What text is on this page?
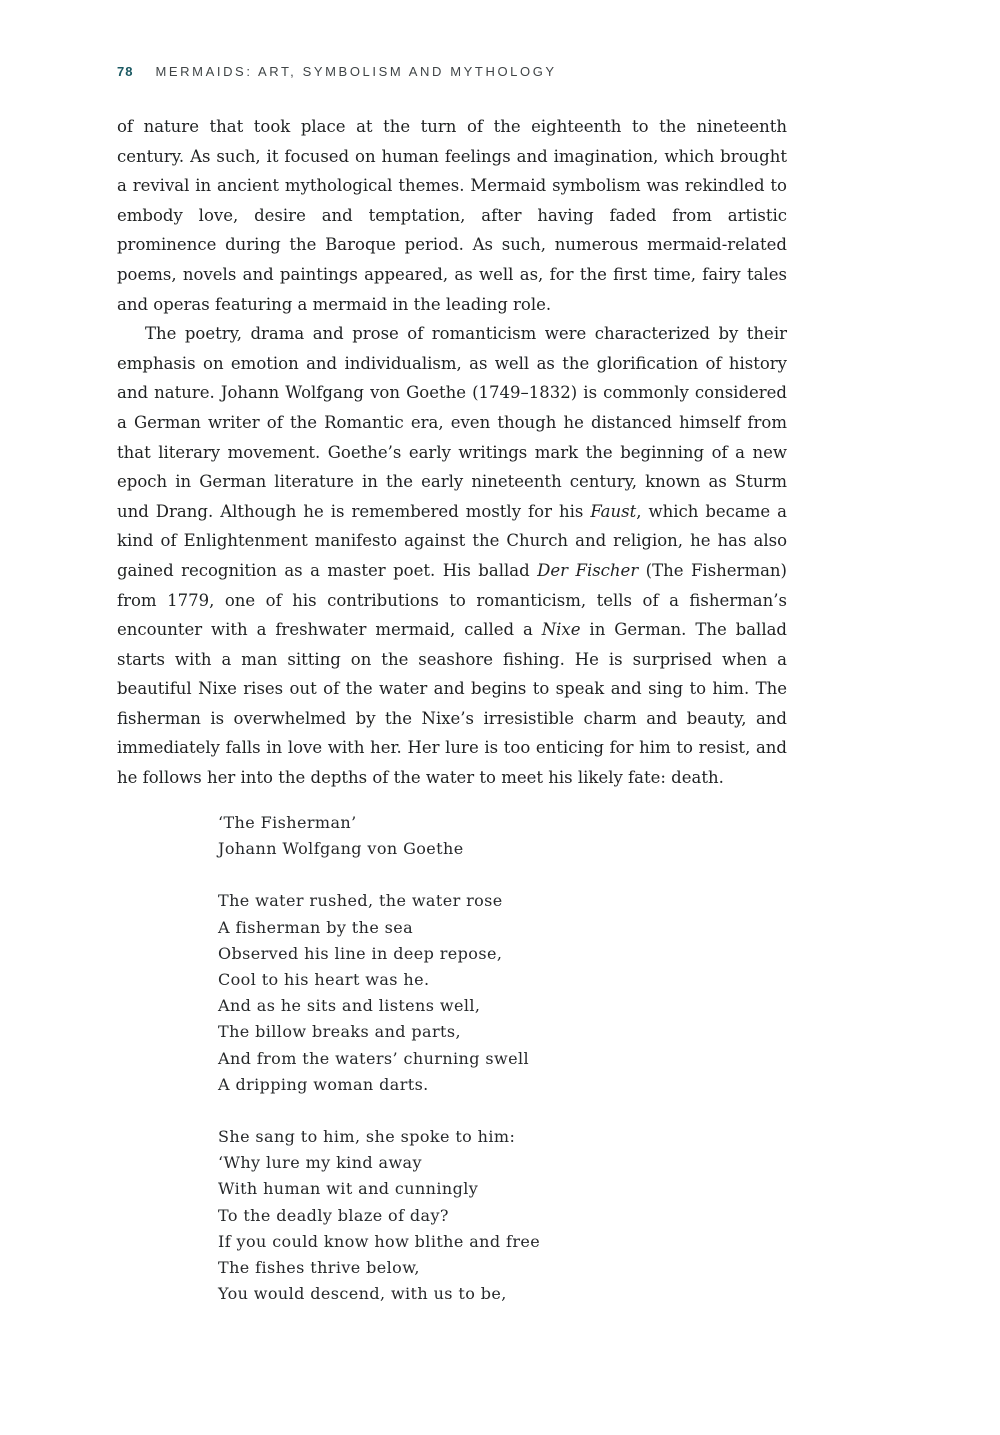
78 MERMAIDS: ART, SYMBOLISM AND MYTHOLOGY

of nature that took place at the turn of the eighteenth to the nineteenth century. As such, it focused on human feelings and imagination, which brought a revival in ancient mythological themes. Mermaid symbolism was rekindled to embody love, desire and temptation, after having faded from artistic prominence during the Baroque period. As such, numerous mermaid-related poems, novels and paintings appeared, as well as, for the first time, fairy tales and operas featuring a mermaid in the leading role.

The poetry, drama and prose of romanticism were characterized by their emphasis on emotion and individualism, as well as the glorification of history and nature. Johann Wolfgang von Goethe (1749–1832) is commonly considered a German writer of the Romantic era, even though he distanced himself from that literary movement. Goethe’s early writings mark the beginning of a new epoch in German literature in the early nineteenth century, known as Sturm und Drang. Although he is remembered mostly for his Faust, which became a kind of Enlightenment manifesto against the Church and religion, he has also gained recognition as a master poet. His ballad Der Fischer (The Fisherman) from 1779, one of his contributions to romanticism, tells of a fisherman’s encounter with a freshwater mermaid, called a Nixe in German. The ballad starts with a man sitting on the seashore fishing. He is surprised when a beautiful Nixe rises out of the water and begins to speak and sing to him. The fisherman is overwhelmed by the Nixe’s irresistible charm and beauty, and immediately falls in love with her. Her lure is too enticing for him to resist, and he follows her into the depths of the water to meet his likely fate: death.

‘The Fisherman’
Johann Wolfgang von Goethe
The water rushed, the water rose
A fisherman by the sea
Observed his line in deep repose,
Cool to his heart was he.
And as he sits and listens well,
The billow breaks and parts,
And from the waters’ churning swell
A dripping woman darts.
She sang to him, she spoke to him:
‘Why lure my kind away
With human wit and cunningly
To the deadly blaze of day?
If you could know how blithe and free
The fishes thrive below,
You would descend, with us to be,
